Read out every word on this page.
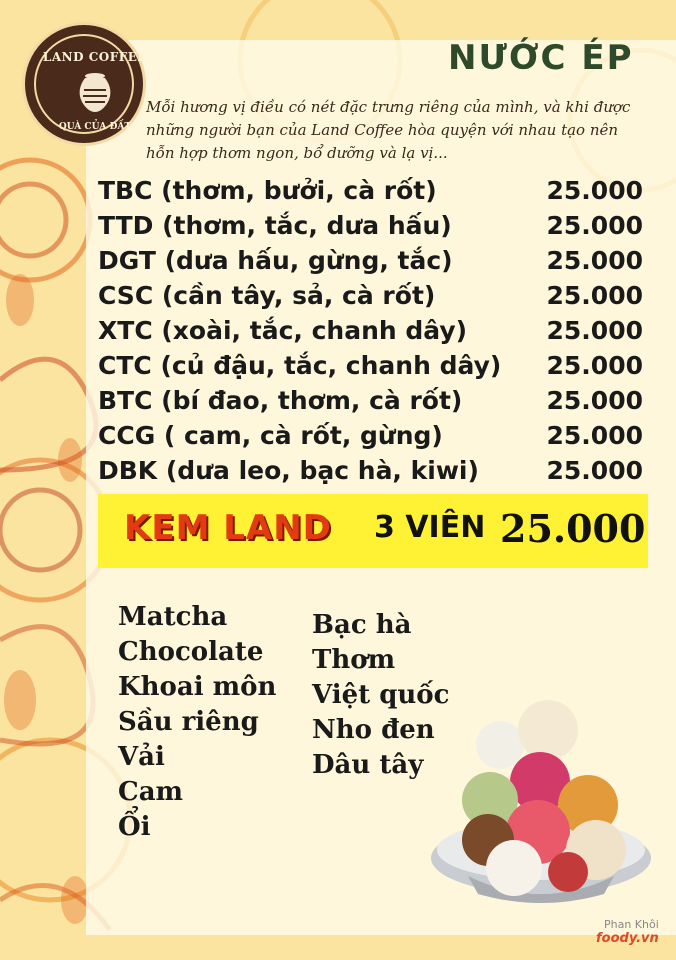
LAND COFFEE
QUÀ CỦA ĐẤT
NƯỚC ÉP
Mỗi hương vị điều có nét đặc trưng riêng của mình, và khi được những người bạn của Land Coffee hòa quyện với nhau tạo nên hỗn hợp thơm ngon, bổ dưỡng và lạ vị...
TBC (thơm, bưởi, cà rốt)	25.000
TTD (thơm, tắc, dưa hấu)	25.000
DGT (dưa hấu, gừng, tắc)	25.000
CSC (cần tây, sả, cà rốt)	25.000
XTC (xoài, tắc, chanh dây)	25.000
CTC (củ đậu, tắc, chanh dây) 25.000
BTC (bí đao, thơm, cà rốt)	25.000
CCG ( cam, cà rốt, gừng)	25.000
DBK (dưa leo, bạc hà, kiwi)	25.000
KEM LAND 3 VIÊN 25.000
Matcha
Chocolate
Khoai môn
Sầu riêng
Vải
Cam
Ổi
Bạc hà
Thơm
Việt quốc
Nho đen
Dâu tây
Phan Khôi
foody.vn
